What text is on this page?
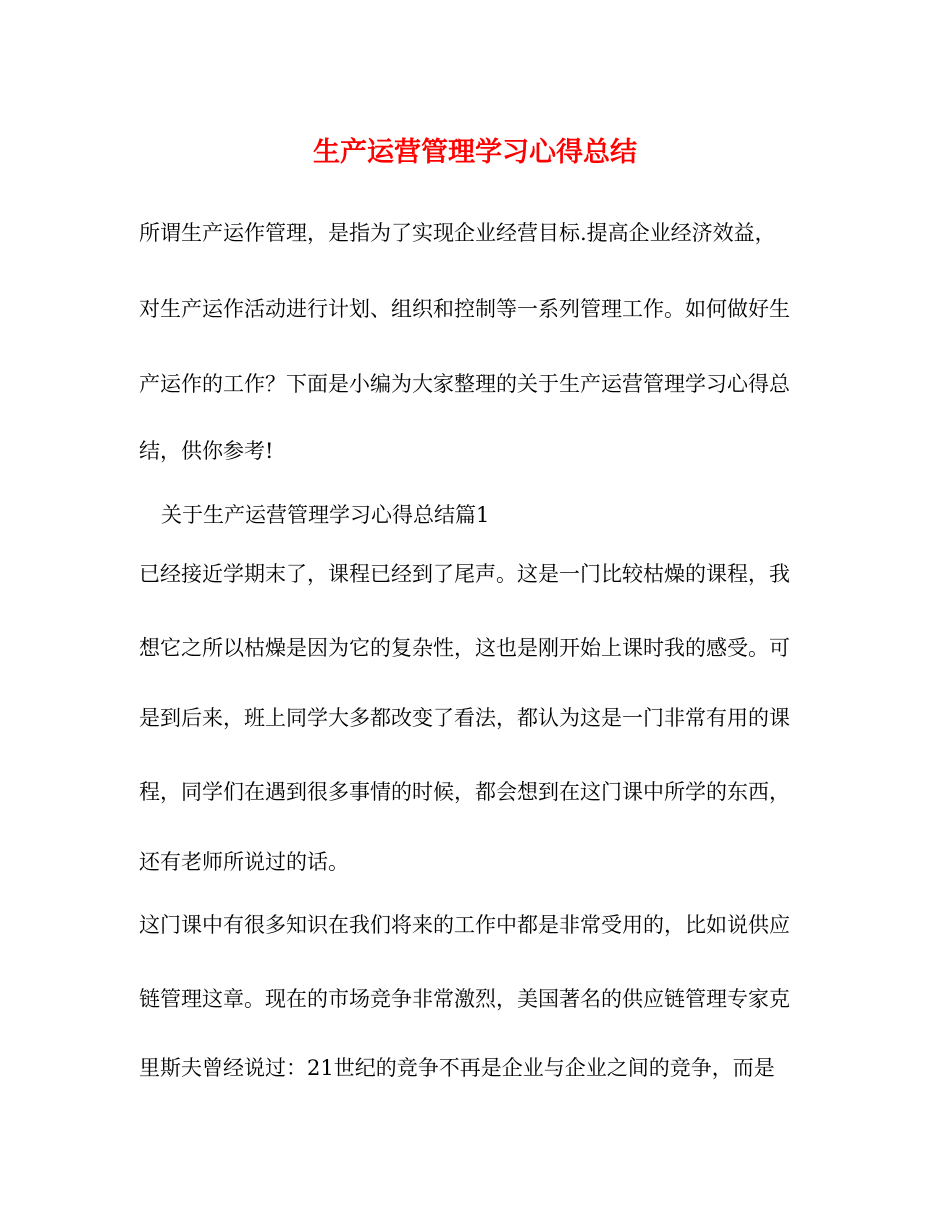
生产运营管理学习心得总结

所谓生产运作管理，是指为了实现企业经营目标.提高企业经济效益，

对生产运作活动进行计划、组织和控制等一系列管理工作。如何做好生

产运作的工作？下面是小编为大家整理的关于生产运营管理学习心得总

结，供你参考!

关于生产运营管理学习心得总结篇1

已经接近学期末了，课程已经到了尾声。这是一门比较枯燥的课程，我

想它之所以枯燥是因为它的复杂性，这也是刚开始上课时我的感受。可

是到后来，班上同学大多都改变了看法，都认为这是一门非常有用的课

程，同学们在遇到很多事情的时候，都会想到在这门课中所学的东西，

还有老师所说过的话。

这门课中有很多知识在我们将来的工作中都是非常受用的，比如说供应

链管理这章。现在的市场竞争非常激烈，美国著名的供应链管理专家克

里斯夫曾经说过：21世纪的竞争不再是企业与企业之间的竞争，而是
